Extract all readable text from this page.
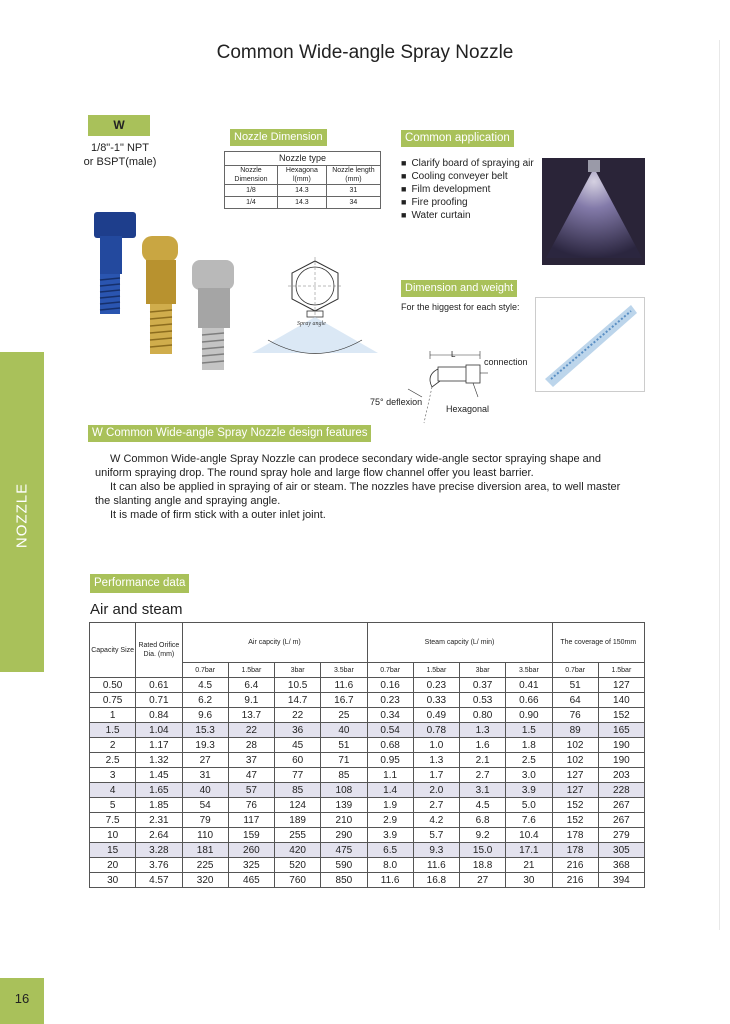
Common Wide-angle Spray Nozzle
W
1/8"-1" NPT
or BSPT(male)
Nozzle Dimension
Nozzle type		
Nozzle Dimension	Hexagona l(mm)	Nozzle length (mm)
1/8	14.3	31
1/4	14.3	34
Spray angle
Common application
■ Clarify board of spraying air
■ Cooling conveyer belt
■ Film development
■ Fire proofing
■ Water curtain
Dimension and weight
For the higgest for each style:
L
connection
75° deflexion
Hexagonal
W Common Wide-angle Spray Nozzle design features

W Common Wide-angle Spray Nozzle can prodece secondary wide-angle sector spraying shape and uniform spraying drop. The round spray hole and large flow channel offer you least barrier.

It can also be applied in spraying of air or steam. The nozzles have precise diversion area, to well master the slanting angle and spraying angle.

It is made of firm stick with a outer inlet joint.

NOZZLE
Performance data
Air and steam
Capacity Size	Rated Orifice Dia. (mm)	Air capcity (L/ m)				Steam capcity (L/ min)				The coverage of 150mm	
		0.7bar	1.5bar	3bar	3.5bar	0.7bar	1.5bar	3bar	3.5bar	0.7bar	1.5bar
0.50	0.61	4.5	6.4	10.5	11.6	0.16	0.23	0.37	0.41	51	127
0.75	0.71	6.2	9.1	14.7	16.7	0.23	0.33	0.53	0.66	64	140
1	0.84	9.6	13.7	22	25	0.34	0.49	0.80	0.90	76	152
1.5	1.04	15.3	22	36	40	0.54	0.78	1.3	1.5	89	165
2	1.17	19.3	28	45	51	0.68	1.0	1.6	1.8	102	190
2.5	1.32	27	37	60	71	0.95	1.3	2.1	2.5	102	190
3	1.45	31	47	77	85	1.1	1.7	2.7	3.0	127	203
4	1.65	40	57	85	108	1.4	2.0	3.1	3.9	127	228
5	1.85	54	76	124	139	1.9	2.7	4.5	5.0	152	267
7.5	2.31	79	117	189	210	2.9	4.2	6.8	7.6	152	267
10	2.64	110	159	255	290	3.9	5.7	9.2	10.4	178	279
15	3.28	181	260	420	475	6.5	9.3	15.0	17.1	178	305
20	3.76	225	325	520	590	8.0	11.6	18.8	21	216	368
30	4.57	320	465	760	850	11.6	16.8	27	30	216	394
16
